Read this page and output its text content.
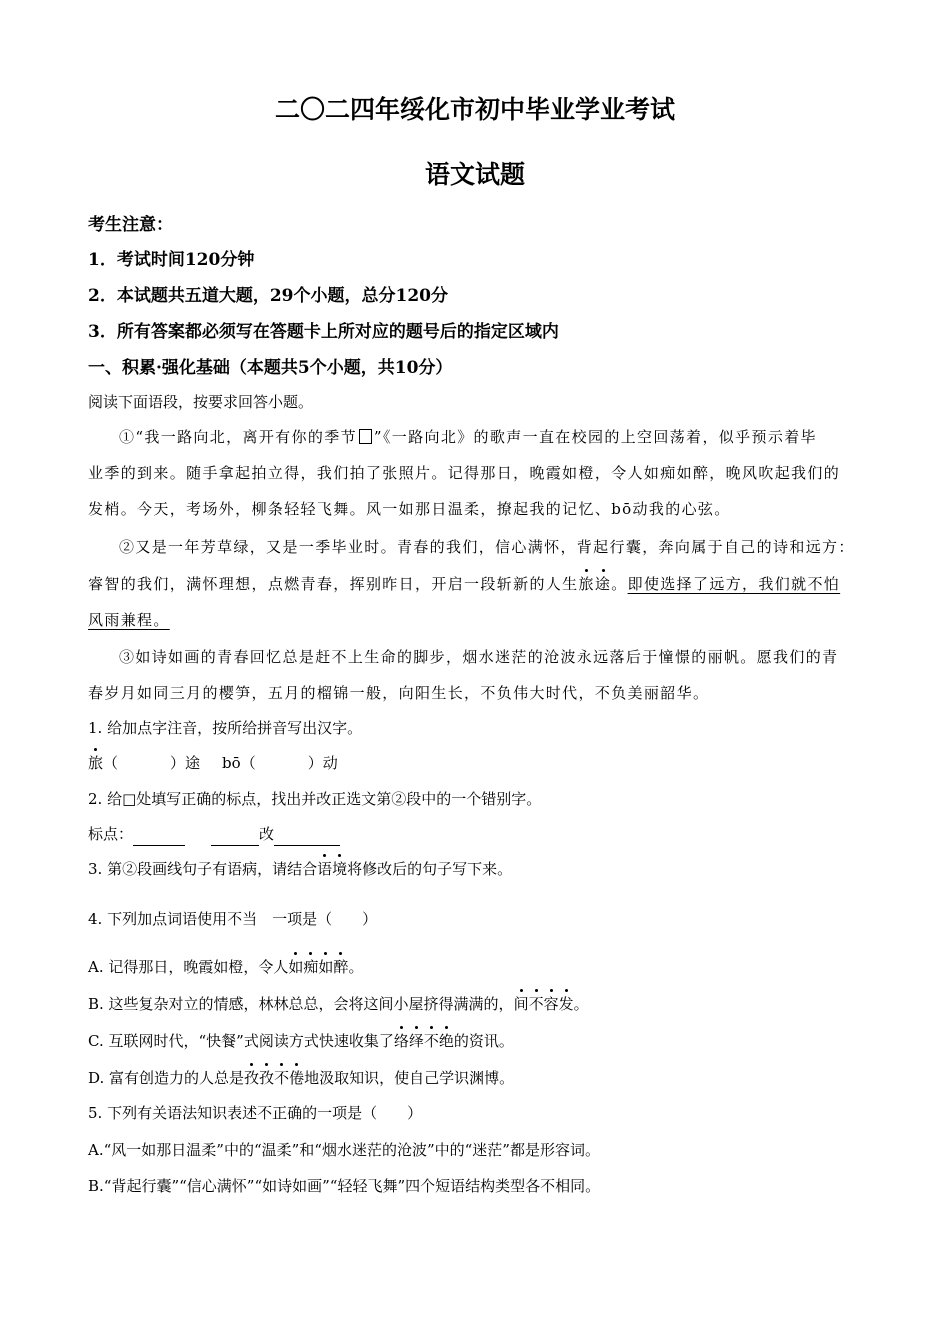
二〇二四年绥化市初中毕业学业考试
语文试题
考生注意：
1．考试时间120分钟
2．本试题共五道大题，29个小题，总分120分
3．所有答案都必须写在答题卡上所对应的题号后的指定区域内
一、积累·强化基础（本题共5个小题，共10分）
阅读下面语段，按要求回答小题。
①“我一路向北，离开有你的季节 ”《一路向北》的歌声一直在校园的上空回荡着，似乎预示着毕
业季的到来。随手拿起拍立得，我们拍了张照片。记得那日，晚霞如橙，令人如痴如醉，晚风吹起我们的
发梢。今天，考场外，柳条轻轻飞舞。风一如那日温柔，撩起我的记忆、bō动我的心弦。
②又是一年芳草绿，又是一季毕业时。青春的我们，信心满怀，背起行囊，奔向属于自己的诗和远方：
睿智的我们，满怀理想，点燃青春，挥别昨日，开启一段斩新的人生旅途。即使选择了远方，我们就不怕
风雨兼程。
③如诗如画的青春回忆总是赶不上生命的脚步，烟水迷茫的沧波永远落后于憧憬的丽帆。愿我们的青
春岁月如同三月的樱笋，五月的榴锦一般，向阳生长，不负伟大时代，不负美丽韶华。
1. 给加点字注音，按所给拼音写出汉字。
旅（	）途 bō（	）动
2. 给□处填写正确的标点，找出并改正选文第②段中的一个错别字。
标点：	改
3. 第②段画线句子有语病，请结合语境将修改后的句子写下来。
4. 下列加点词语使用不当　一项是（　　）
A. 记得那日，晚霞如橙，令人如痴如醉。
B. 这些复杂对立的情感，林林总总，会将这间小屋挤得满满的，间不容发。
C. 互联网时代，“快餐”式阅读方式快速收集了络绎不绝的资讯。
D. 富有创造力的人总是孜孜不倦地汲取知识，使自己学识渊博。
5. 下列有关语法知识表述不正确的一项是（　　）
A.“风一如那日温柔”中的“温柔”和“烟水迷茫的沧波”中的“迷茫”都是形容词。
B.“背起行囊”“信心满怀”“如诗如画”“轻轻飞舞”四个短语结构类型各不相同。
